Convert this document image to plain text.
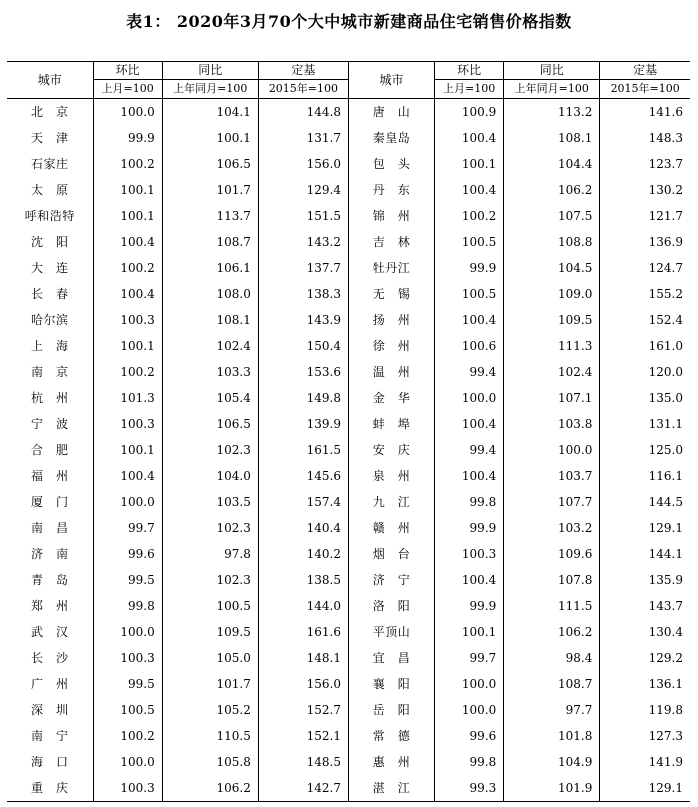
表1： 2020年3月70个大中城市新建商品住宅销售价格指数
城市	环比	同比	定基	城市	环比	同比	定基
	上月=100	上年同月=100	2015年=100		上月=100	上年同月=100	2015年=100
北　京	100.0	104.1	144.8	唐　山	100.9	113.2	141.6
天　津	99.9	100.1	131.7	秦皇岛	100.4	108.1	148.3
石家庄	100.2	106.5	156.0	包　头	100.1	104.4	123.7
太　原	100.1	101.7	129.4	丹　东	100.4	106.2	130.2
呼和浩特	100.1	113.7	151.5	锦　州	100.2	107.5	121.7
沈　阳	100.4	108.7	143.2	吉　林	100.5	108.8	136.9
大　连	100.2	106.1	137.7	牡丹江	99.9	104.5	124.7
长　春	100.4	108.0	138.3	无　锡	100.5	109.0	155.2
哈尔滨	100.3	108.1	143.9	扬　州	100.4	109.5	152.4
上　海	100.1	102.4	150.4	徐　州	100.6	111.3	161.0
南　京	100.2	103.3	153.6	温　州	99.4	102.4	120.0
杭　州	101.3	105.4	149.8	金　华	100.0	107.1	135.0
宁　波	100.3	106.5	139.9	蚌　埠	100.4	103.8	131.1
合　肥	100.1	102.3	161.5	安　庆	99.4	100.0	125.0
福　州	100.4	104.0	145.6	泉　州	100.4	103.7	116.1
厦　门	100.0	103.5	157.4	九　江	99.8	107.7	144.5
南　昌	99.7	102.3	140.4	赣　州	99.9	103.2	129.1
济　南	99.6	97.8	140.2	烟　台	100.3	109.6	144.1
青　岛	99.5	102.3	138.5	济　宁	100.4	107.8	135.9
郑　州	99.8	100.5	144.0	洛　阳	99.9	111.5	143.7
武　汉	100.0	109.5	161.6	平顶山	100.1	106.2	130.4
长　沙	100.3	105.0	148.1	宜　昌	99.7	98.4	129.2
广　州	99.5	101.7	156.0	襄　阳	100.0	108.7	136.1
深　圳	100.5	105.2	152.7	岳　阳	100.0	97.7	119.8
南　宁	100.2	110.5	152.1	常　德	99.6	101.8	127.3
海　口	100.0	105.8	148.5	惠　州	99.8	104.9	141.9
重　庆	100.3	106.2	142.7	湛　江	99.3	101.9	129.1
